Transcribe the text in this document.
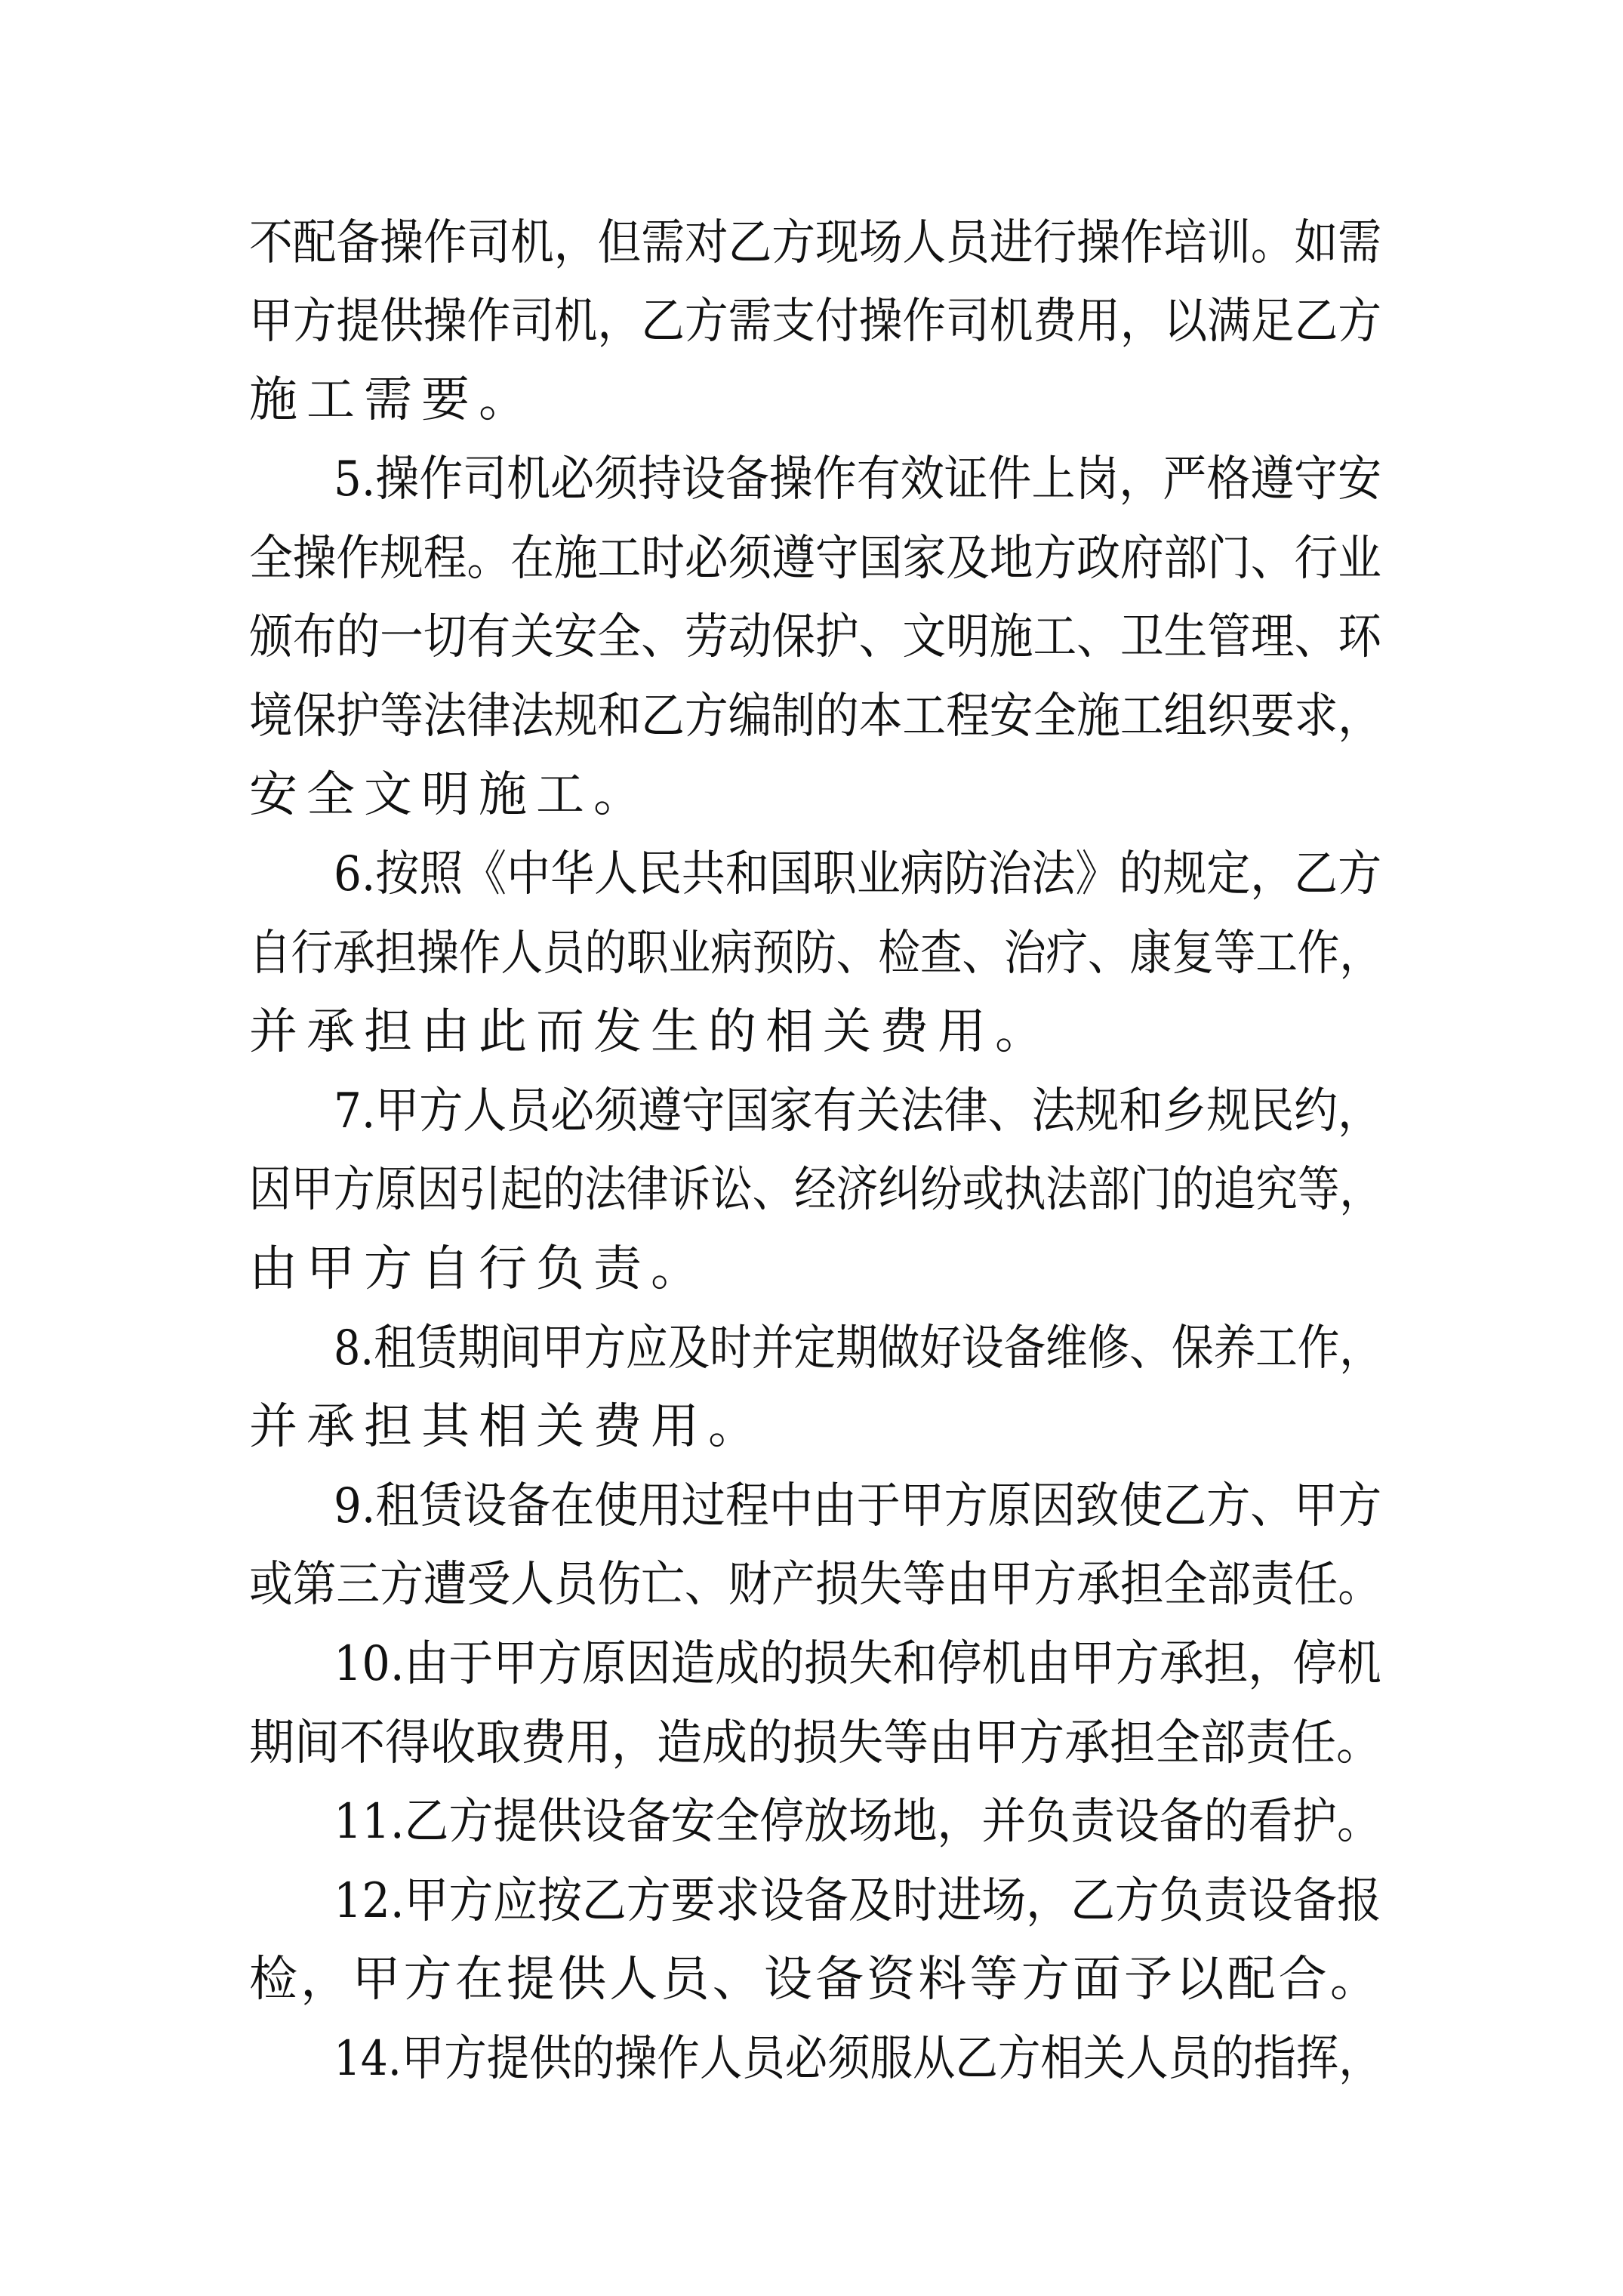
不配备操作司机，但需对乙方现场人员进行操作培训。如需
甲方提供操作司机，乙方需支付操作司机费用，以满足乙方
施工需要。
5.操作司机必须持设备操作有效证件上岗，严格遵守安
全操作规程。在施工时必须遵守国家及地方政府部门、行业
颁布的一切有关安全、劳动保护、文明施工、卫生管理、环
境保护等法律法规和乙方编制的本工程安全施工组织要求，
安全文明施工。
6.按照《中华人民共和国职业病防治法》的规定，乙方
自行承担操作人员的职业病预防、检查、治疗、康复等工作，
并承担由此而发生的相关费用。
7.甲方人员必须遵守国家有关法律、法规和乡规民约，
因甲方原因引起的法律诉讼、经济纠纷或执法部门的追究等，
由甲方自行负责。
8.租赁期间甲方应及时并定期做好设备维修、保养工作，
并承担其相关费用。
9.租赁设备在使用过程中由于甲方原因致使乙方、甲方
或第三方遭受人员伤亡、财产损失等由甲方承担全部责任。
10.由于甲方原因造成的损失和停机由甲方承担，停机
期间不得收取费用，造成的损失等由甲方承担全部责任。
11.乙方提供设备安全停放场地，并负责设备的看护。
12.甲方应按乙方要求设备及时进场，乙方负责设备报
检，甲方在提供人员、设备资料等方面予以配合。
14.甲方提供的操作人员必须服从乙方相关人员的指挥，
